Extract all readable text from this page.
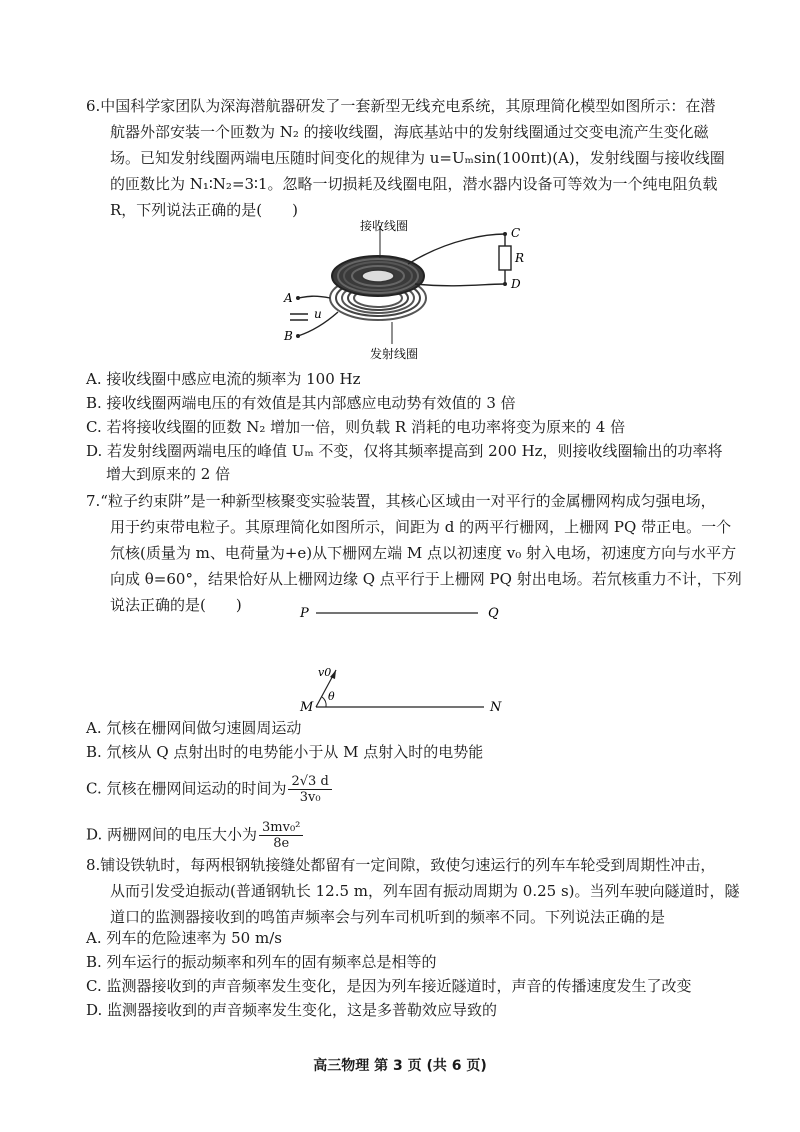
6.中国科学家团队为深海潜航器研发了一套新型无线充电系统，其原理简化模型如图所示：在潜
航器外部安装一个匝数为 N₂ 的接收线圈，海底基站中的发射线圈通过交变电流产生变化磁
场。已知发射线圈两端电压随时间变化的规律为 u=Uₘsin(100πt)(A)，发射线圈与接收线圈
的匝数比为 N₁∶N₂=3∶1。忽略一切损耗及线圈电阻，潜水器内设备可等效为一个纯电阻负载
R，下列说法正确的是(　　)
接收线圈
发射线圈
C
R
D
A
u
B
A. 接收线圈中感应电流的频率为 100 Hz
B. 接收线圈两端电压的有效值是其内部感应电动势有效值的 3 倍
C. 若将接收线圈的匝数 N₂ 增加一倍，则负载 R 消耗的电功率将变为原来的 4 倍
D. 若发射线圈两端电压的峰值 Uₘ 不变，仅将其频率提高到 200 Hz，则接收线圈输出的功率将
增大到原来的 2 倍
7.“粒子约束阱”是一种新型核聚变实验装置，其核心区域由一对平行的金属栅网构成匀强电场，
用于约束带电粒子。其原理简化如图所示，间距为 d 的两平行栅网，上栅网 PQ 带正电。一个
氘核(质量为 m、电荷量为+e)从下栅网左端 M 点以初速度 v₀ 射入电场，初速度方向与水平方
向成 θ=60°，结果恰好从上栅网边缘 Q 点平行于上栅网 PQ 射出电场。若氘核重力不计，下列
说法正确的是(　　)	P	Q
v0
θ
M	N
A. 氘核在栅网间做匀速圆周运动
B. 氘核从 Q 点射出时的电势能小于从 M 点射入时的电势能
C. 氘核在栅网间运动的时间为 $\frac{2√3 d}{\text{3v₀}}$
D. 两栅网间的电压大小为 $\frac{\text{3mv₀²}}{8e}$
8.铺设铁轨时，每两根钢轨接缝处都留有一定间隙，致使匀速运行的列车车轮受到周期性冲击，
从而引发受迫振动(普通钢轨长 12.5 m，列车固有振动周期为 0.25 s)。当列车驶向隧道时，隧
道口的监测器接收到的鸣笛声频率会与列车司机听到的频率不同。下列说法正确的是
A. 列车的危险速率为 50 m/s
B. 列车运行的振动频率和列车的固有频率总是相等的
C. 监测器接收到的声音频率发生变化，是因为列车接近隧道时，声音的传播速度发生了改变
D. 监测器接收到的声音频率发生变化，这是多普勒效应导致的
高三物理 第 3 页 (共 6 页)
